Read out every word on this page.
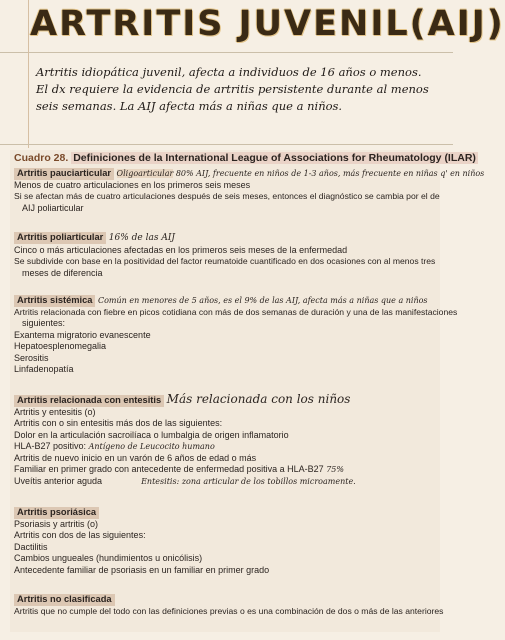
ARTRITIS JUVENIL(AIJ)
Artritis idiopática juvenil, afecta a individuos de 16 años o menos. El dx requiere la evidencia de artritis persistente durante al menos seis semanas. La AIJ afecta más a niñas que a niños.
Cuadro 28. Definiciones de la International League of Associations for Rheumatology (ILAR)
Artritis pauciarticular Oligoarticular 80% AIJ, frecuente en niños de 1-3 años, más frecuente en niñas q' en niños
Menos de cuatro articulaciones en los primeros seis meses
Si se afectan más de cuatro articulaciones después de seis meses, entonces el diagnóstico se cambia por el de
AIJ poliarticular
Artritis poliarticular 16% de las AIJ
Cinco o más articulaciones afectadas en los primeros seis meses de la enfermedad
Se subdivide con base en la positividad del factor reumatoide cuantificado en dos ocasiones con al menos tres
meses de diferencia
Artritis sistémica Común en menores de 5 años, es el 9% de las AIJ, afecta más a niñas que a niños
Artritis relacionada con fiebre en picos cotidiana con más de dos semanas de duración y una de las manifestaciones
siguientes:
Exantema migratorio evanescente
Hepatoesplenomegalia
Serositis
Linfadenopatía
Artritis relacionada con entesitis Más relacionada con los niños
Artritis y entesitis (o)
Artritis con o sin entesitis más dos de las siguientes:
Dolor en la articulación sacroilíaca o lumbalgia de origen inflamatorio
HLA-B27 positivo: Antígeno de Leucocito humano
Artritis de nuevo inicio en un varón de 6 años de edad o más
Familiar en primer grado con antecedente de enfermedad positiva a HLA-B27 75%
Uveítis anterior aguda	Entesitis: zona articular de los tobillos microamente.
Artritis psoriásica
Psoriasis y artritis (o)
Artritis con dos de las siguientes:
Dactilitis
Cambios ungueales (hundimientos u onicólisis)
Antecedente familiar de psoriasis en un familiar en primer grado
Artritis no clasificada
Artritis que no cumple del todo con las definiciones previas o es una combinación de dos o más de las anteriores
